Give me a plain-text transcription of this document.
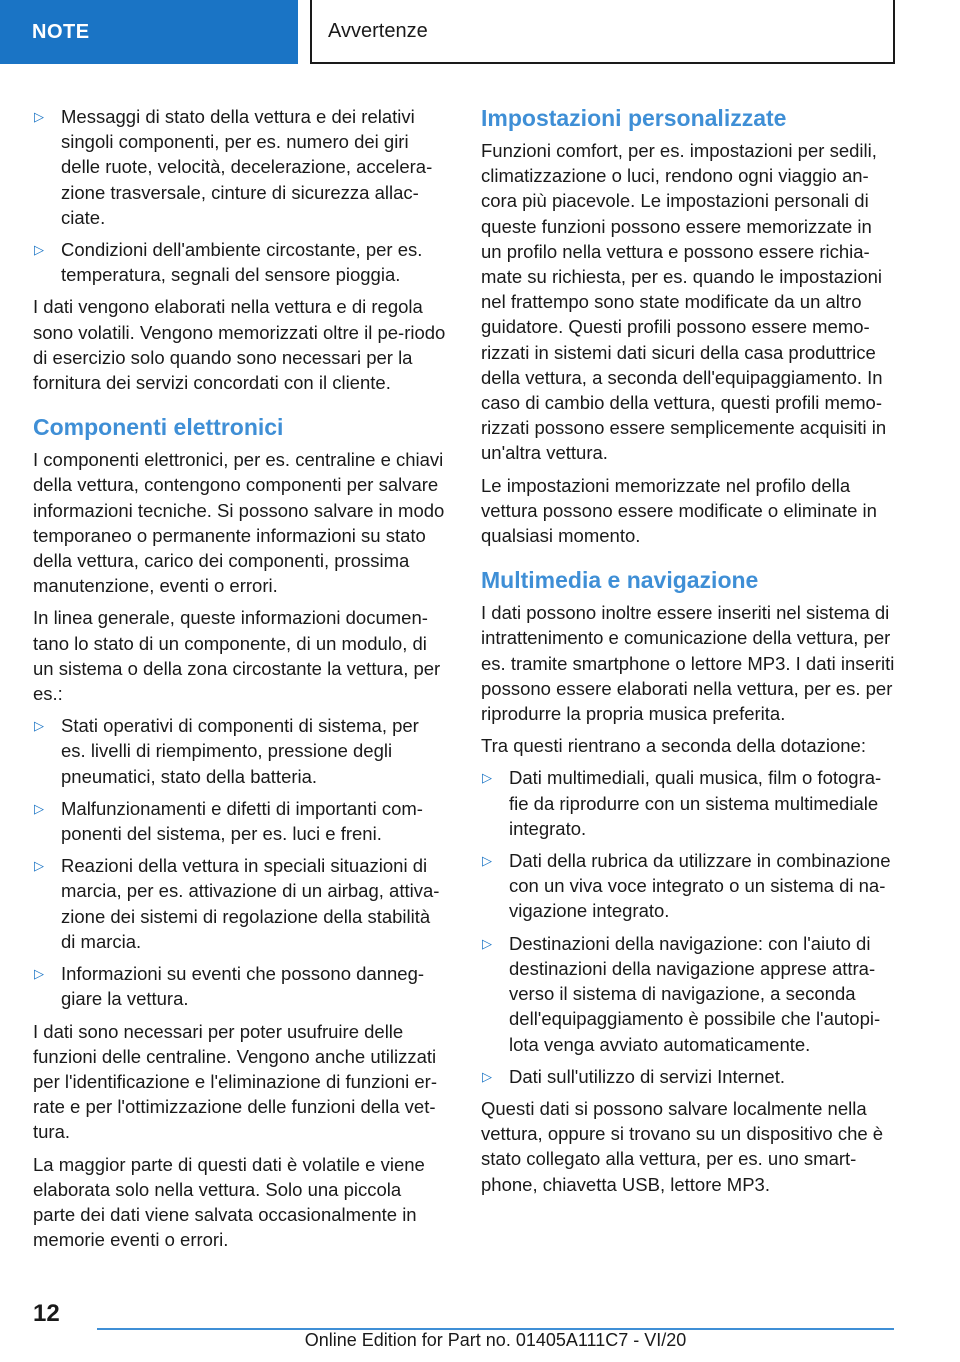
NOTE	Avvertenze
▷ Messaggi di stato della vettura e dei relativi singoli componenti, per es. numero dei giri delle ruote, velocità, decelerazione, accelera-zione trasversale, cinture di sicurezza allac-ciate.
▷ Condizioni dell'ambiente circostante, per es. temperatura, segnali del sensore pioggia.

I dati vengono elaborati nella vettura e di regola sono volatili. Vengono memorizzati oltre il pe-riodo di esercizio solo quando sono necessari per la fornitura dei servizi concordati con il cliente.

Componenti elettronici

I componenti elettronici, per es. centraline e chiavi della vettura, contengono componenti per salvare informazioni tecniche. Si possono salvare in modo temporaneo o permanente informazioni su stato della vettura, carico dei componenti, prossima manutenzione, eventi o errori.

In linea generale, queste informazioni documen-tano lo stato di un componente, di un modulo, di un sistema o della zona circostante la vettura, per es.:

▷ Stati operativi di componenti di sistema, per es. livelli di riempimento, pressione degli pneumatici, stato della batteria.
▷ Malfunzionamenti e difetti di importanti com-ponenti del sistema, per es. luci e freni.
▷ Reazioni della vettura in speciali situazioni di marcia, per es. attivazione di un airbag, attiva-zione dei sistemi di regolazione della stabilità di marcia.
▷ Informazioni su eventi che possono danneg-giare la vettura.

I dati sono necessari per poter usufruire delle funzioni delle centraline. Vengono anche utilizzati per l'identificazione e l'eliminazione di funzioni er-rate e per l'ottimizzazione delle funzioni della vet-tura.

La maggior parte di questi dati è volatile e viene elaborata solo nella vettura. Solo una piccola parte dei dati viene salvata occasionalmente in memorie eventi o errori.

Impostazioni personalizzate

Funzioni comfort, per es. impostazioni per sedili, climatizzazione o luci, rendono ogni viaggio an-cora più piacevole. Le impostazioni personali di queste funzioni possono essere memorizzate in un profilo nella vettura e possono essere richia-mate su richiesta, per es. quando le impostazioni nel frattempo sono state modificate da un altro guidatore. Questi profili possono essere memo-rizzati in sistemi dati sicuri della casa produttrice della vettura, a seconda dell'equipaggiamento. In caso di cambio della vettura, questi profili memo-rizzati possono essere semplicemente acquisiti in un'altra vettura.

Le impostazioni memorizzate nel profilo della vettura possono essere modificate o eliminate in qualsiasi momento.

Multimedia e navigazione

I dati possono inoltre essere inseriti nel sistema di intrattenimento e comunicazione della vettura, per es. tramite smartphone o lettore MP3. I dati inseriti possono essere elaborati nella vettura, per es. per riprodurre la propria musica preferita.

Tra questi rientrano a seconda della dotazione:

▷ Dati multimediali, quali musica, film o fotogra-fie da riprodurre con un sistema multimediale integrato.
▷ Dati della rubrica da utilizzare in combinazione con un viva voce integrato o un sistema di na-vigazione integrato.
▷ Destinazioni della navigazione: con l'aiuto di destinazioni della navigazione apprese attra-verso il sistema di navigazione, a seconda dell'equipaggiamento è possibile che l'autopi-lota venga avviato automaticamente.
▷ Dati sull'utilizzo di servizi Internet.

Questi dati si possono salvare localmente nella vettura, oppure si trovano su un dispositivo che è stato collegato alla vettura, per es. uno smart-phone, chiavetta USB, lettore MP3.

12
Online Edition for Part no. 01405A111C7 - VI/20
